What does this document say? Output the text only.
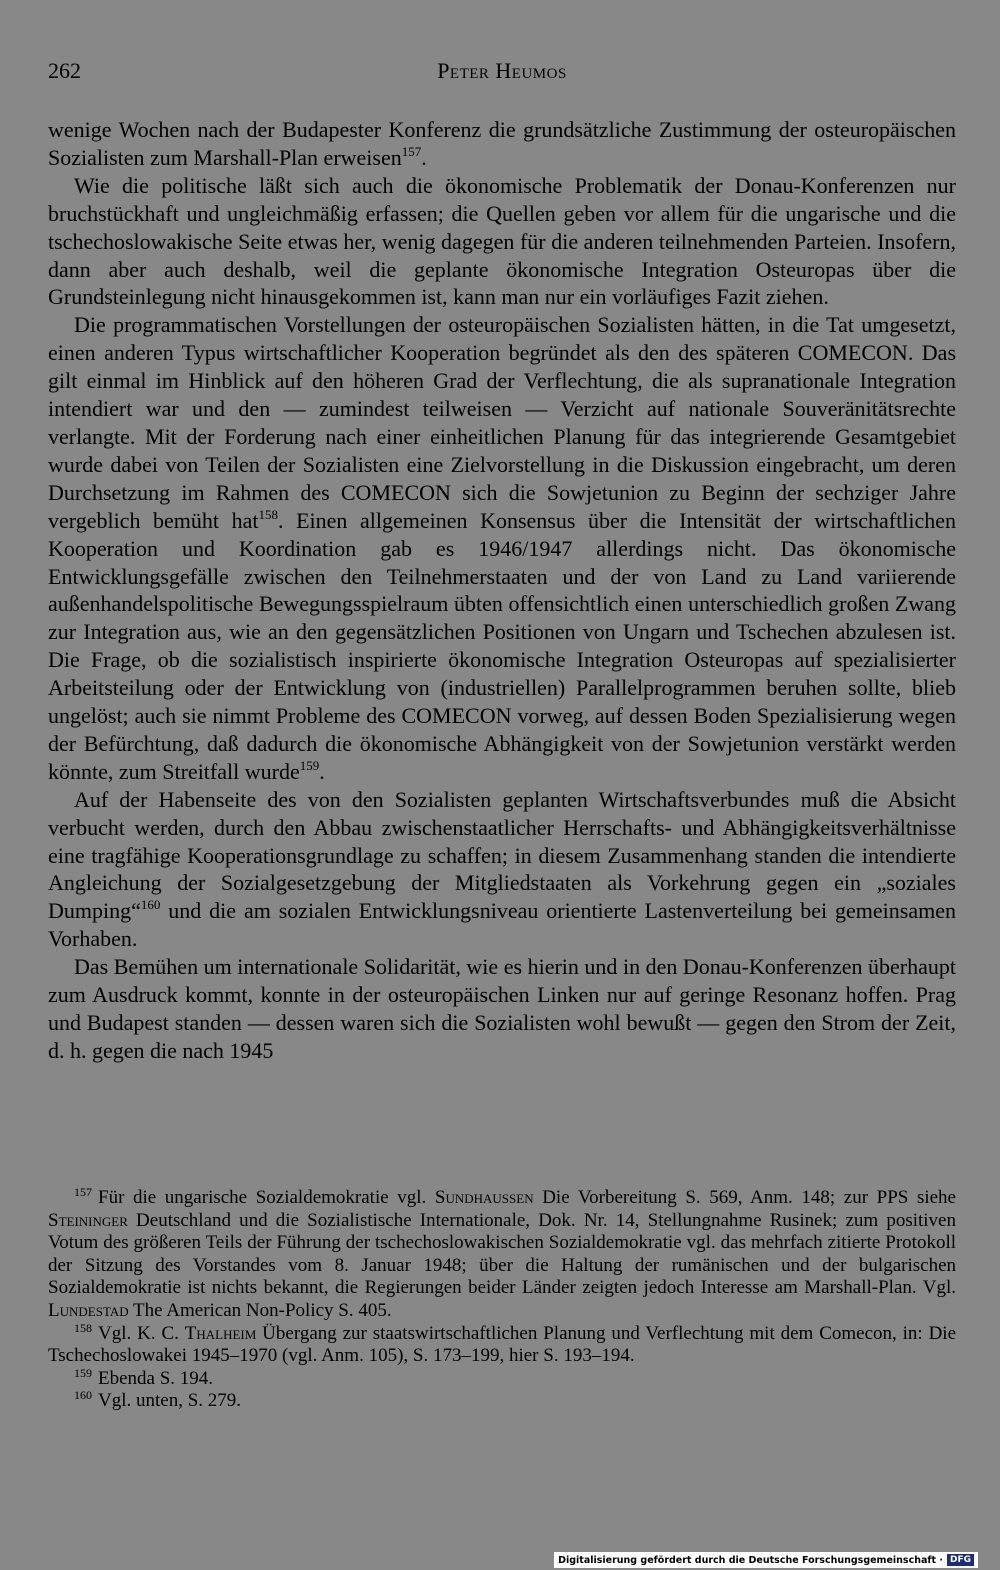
262	Peter Heumos

wenige Wochen nach der Budapester Konferenz die grundsätzliche Zustimmung der osteuropäischen Sozialisten zum Marshall-Plan erweisen$^{157}$.

Wie die politische läßt sich auch die ökonomische Problematik der Donau-Konferenzen nur bruchstückhaft und ungleichmäßig erfassen; die Quellen geben vor allem für die ungarische und die tschechoslowakische Seite etwas her, wenig dagegen für die anderen teilnehmenden Parteien. Insofern, dann aber auch deshalb, weil die geplante ökonomische Integration Osteuropas über die Grundsteinlegung nicht hinausgekommen ist, kann man nur ein vorläufiges Fazit ziehen.

Die programmatischen Vorstellungen der osteuropäischen Sozialisten hätten, in die Tat umgesetzt, einen anderen Typus wirtschaftlicher Kooperation begründet als den des späteren COMECON. Das gilt einmal im Hinblick auf den höheren Grad der Verflechtung, die als supranationale Integration intendiert war und den — zumindest teilweisen — Verzicht auf nationale Souveränitätsrechte verlangte. Mit der Forderung nach einer einheitlichen Planung für das integrierende Gesamtgebiet wurde dabei von Teilen der Sozialisten eine Zielvorstellung in die Diskussion eingebracht, um deren Durchsetzung im Rahmen des COMECON sich die Sowjetunion zu Beginn der sechziger Jahre vergeblich bemüht hat$^{158}$. Einen allgemeinen Konsensus über die Intensität der wirtschaftlichen Kooperation und Koordination gab es 1946/1947 allerdings nicht. Das ökonomische Entwicklungsgefälle zwischen den Teilnehmerstaaten und der von Land zu Land variierende außenhandelspolitische Bewegungsspielraum übten offensichtlich einen unterschiedlich großen Zwang zur Integration aus, wie an den gegensätzlichen Positionen von Ungarn und Tschechen abzulesen ist. Die Frage, ob die sozialistisch inspirierte ökonomische Integration Osteuropas auf spezialisierter Arbeitsteilung oder der Entwicklung von (industriellen) Parallelprogrammen beruhen sollte, blieb ungelöst; auch sie nimmt Probleme des COMECON vorweg, auf dessen Boden Spezialisierung wegen der Befürchtung, daß dadurch die ökonomische Abhängigkeit von der Sowjetunion verstärkt werden könnte, zum Streitfall wurde$^{159}$.

Auf der Habenseite des von den Sozialisten geplanten Wirtschaftsverbundes muß die Absicht verbucht werden, durch den Abbau zwischenstaatlicher Herrschafts- und Abhängigkeitsverhältnisse eine tragfähige Kooperationsgrundlage zu schaffen; in diesem Zusammenhang standen die intendierte Angleichung der Sozialgesetzgebung der Mitgliedstaaten als Vorkehrung gegen ein „soziales Dumping“$^{160}$ und die am sozialen Entwicklungsniveau orientierte Lastenverteilung bei gemeinsamen Vorhaben.

Das Bemühen um internationale Solidarität, wie es hierin und in den Donau-Konferenzen überhaupt zum Ausdruck kommt, konnte in der osteuropäischen Linken nur auf geringe Resonanz hoffen. Prag und Budapest standen — dessen waren sich die Sozialisten wohl bewußt — gegen den Strom der Zeit, d. h. gegen die nach 1945

$^{157}$ Für die ungarische Sozialdemokratie vgl. Sundhaussen Die Vorbereitung S. 569, Anm. 148; zur PPS siehe Steininger Deutschland und die Sozialistische Internationale, Dok. Nr. 14, Stellungnahme Rusinek; zum positiven Votum des größeren Teils der Führung der tschechoslowakischen Sozialdemokratie vgl. das mehrfach zitierte Protokoll der Sitzung des Vorstandes vom 8. Januar 1948; über die Haltung der rumänischen und der bulgarischen Sozialdemokratie ist nichts bekannt, die Regierungen beider Länder zeigten jedoch Interesse am Marshall-Plan. Vgl. Lundestad The American Non-Policy S. 405.

$^{158}$ Vgl. K. C. Thalheim Übergang zur staatswirtschaftlichen Planung und Verflechtung mit dem Comecon, in: Die Tschechoslowakei 1945–1970 (vgl. Anm. 105), S. 173–199, hier S. 193–194.

$^{159}$ Ebenda S. 194.

$^{160}$ Vgl. unten, S. 279.

Digitalisierung gefördert durch die Deutsche Forschungsgemeinschaft · DFG
